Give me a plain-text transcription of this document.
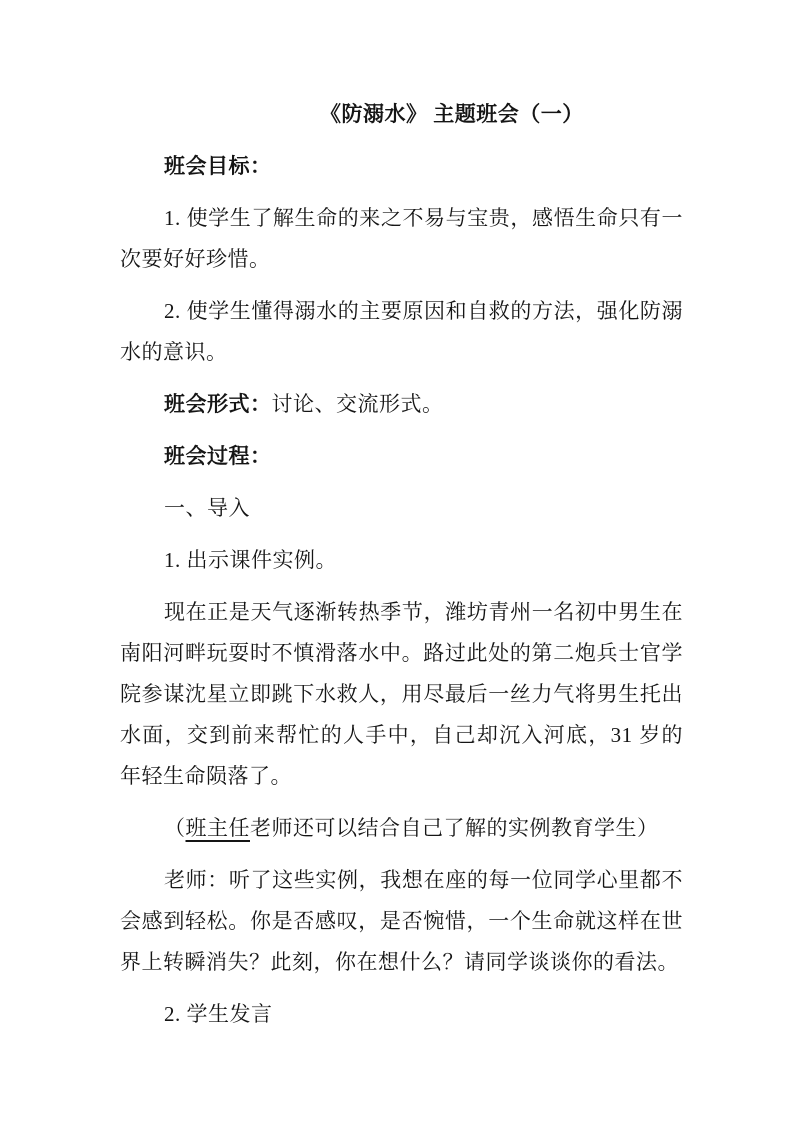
《防溺水》 主题班会（一）

班会目标：

1. 使学生了解生命的来之不易与宝贵，感悟生命只有一次要好好珍惜。

2. 使学生懂得溺水的主要原因和自救的方法，强化防溺水的意识。

班会形式：讨论、交流形式。

班会过程：

一、导入

1. 出示课件实例。

现在正是天气逐渐转热季节，潍坊青州一名初中男生在南阳河畔玩耍时不慎滑落水中。路过此处的第二炮兵士官学院参谋沈星立即跳下水救人，用尽最后一丝力气将男生托出水面，交到前来帮忙的人手中，自己却沉入河底，31 岁的年轻生命陨落了。

（班主任老师还可以结合自己了解的实例教育学生）

老师：听了这些实例，我想在座的每一位同学心里都不会感到轻松。你是否感叹，是否惋惜，一个生命就这样在世界上转瞬消失？此刻，你在想什么？请同学谈谈你的看法。

2. 学生发言
